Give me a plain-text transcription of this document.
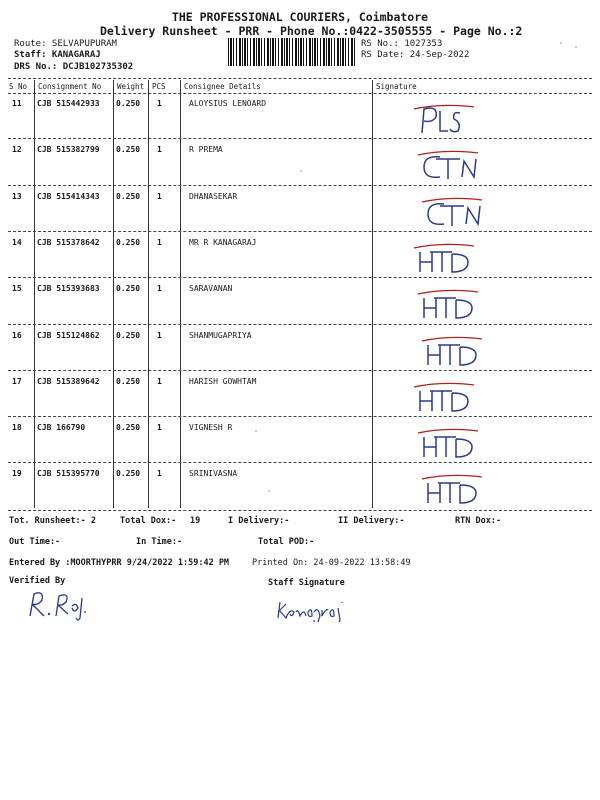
THE PROFESSIONAL COURIERS, Coimbatore
Delivery Runsheet - PRR - Phone No.:0422-3505555 - Page No.:2
Route: SELVAPUPURAM
Staff: KANAGARAJ
DRS No.: DCJB102735302
RS No.: 1027353
RS Date: 24-Sep-2022
S No Consignment No Weight PCS Consignee Details	Signature
11 CJB 515442933 0.250 1	ALOYSIUS LENOARD
12 CJB 515382799 0.250 1	R PREMA
13 CJB 515414343 0.250 1	DHANASEKAR
14 CJB 515378642 0.250 1	MR R KANAGARAJ
15 CJB 515393683 0.250 1	SARAVANAN
16 CJB 515124862 0.250 1	SHANMUGAPRIYA
17 CJB 515389642 0.250 1	HARISH GOWHTAM
18 CJB 166790	0.250 1	VIGNESH R
19 CJB 515395770 0.250 1	SRINIVASNA
Tot. Runsheet:- 2	Total Dox:- 19	I Delivery:-	II Delivery:-	RTN Dox:-
Out Time:-	In Time:-	Total POD:-
Entered By :MOORTHYPRR 9/24/2022 1:59:42 PM	Printed On: 24-09-2022 13:58:49
Verified By	Staff Signature
